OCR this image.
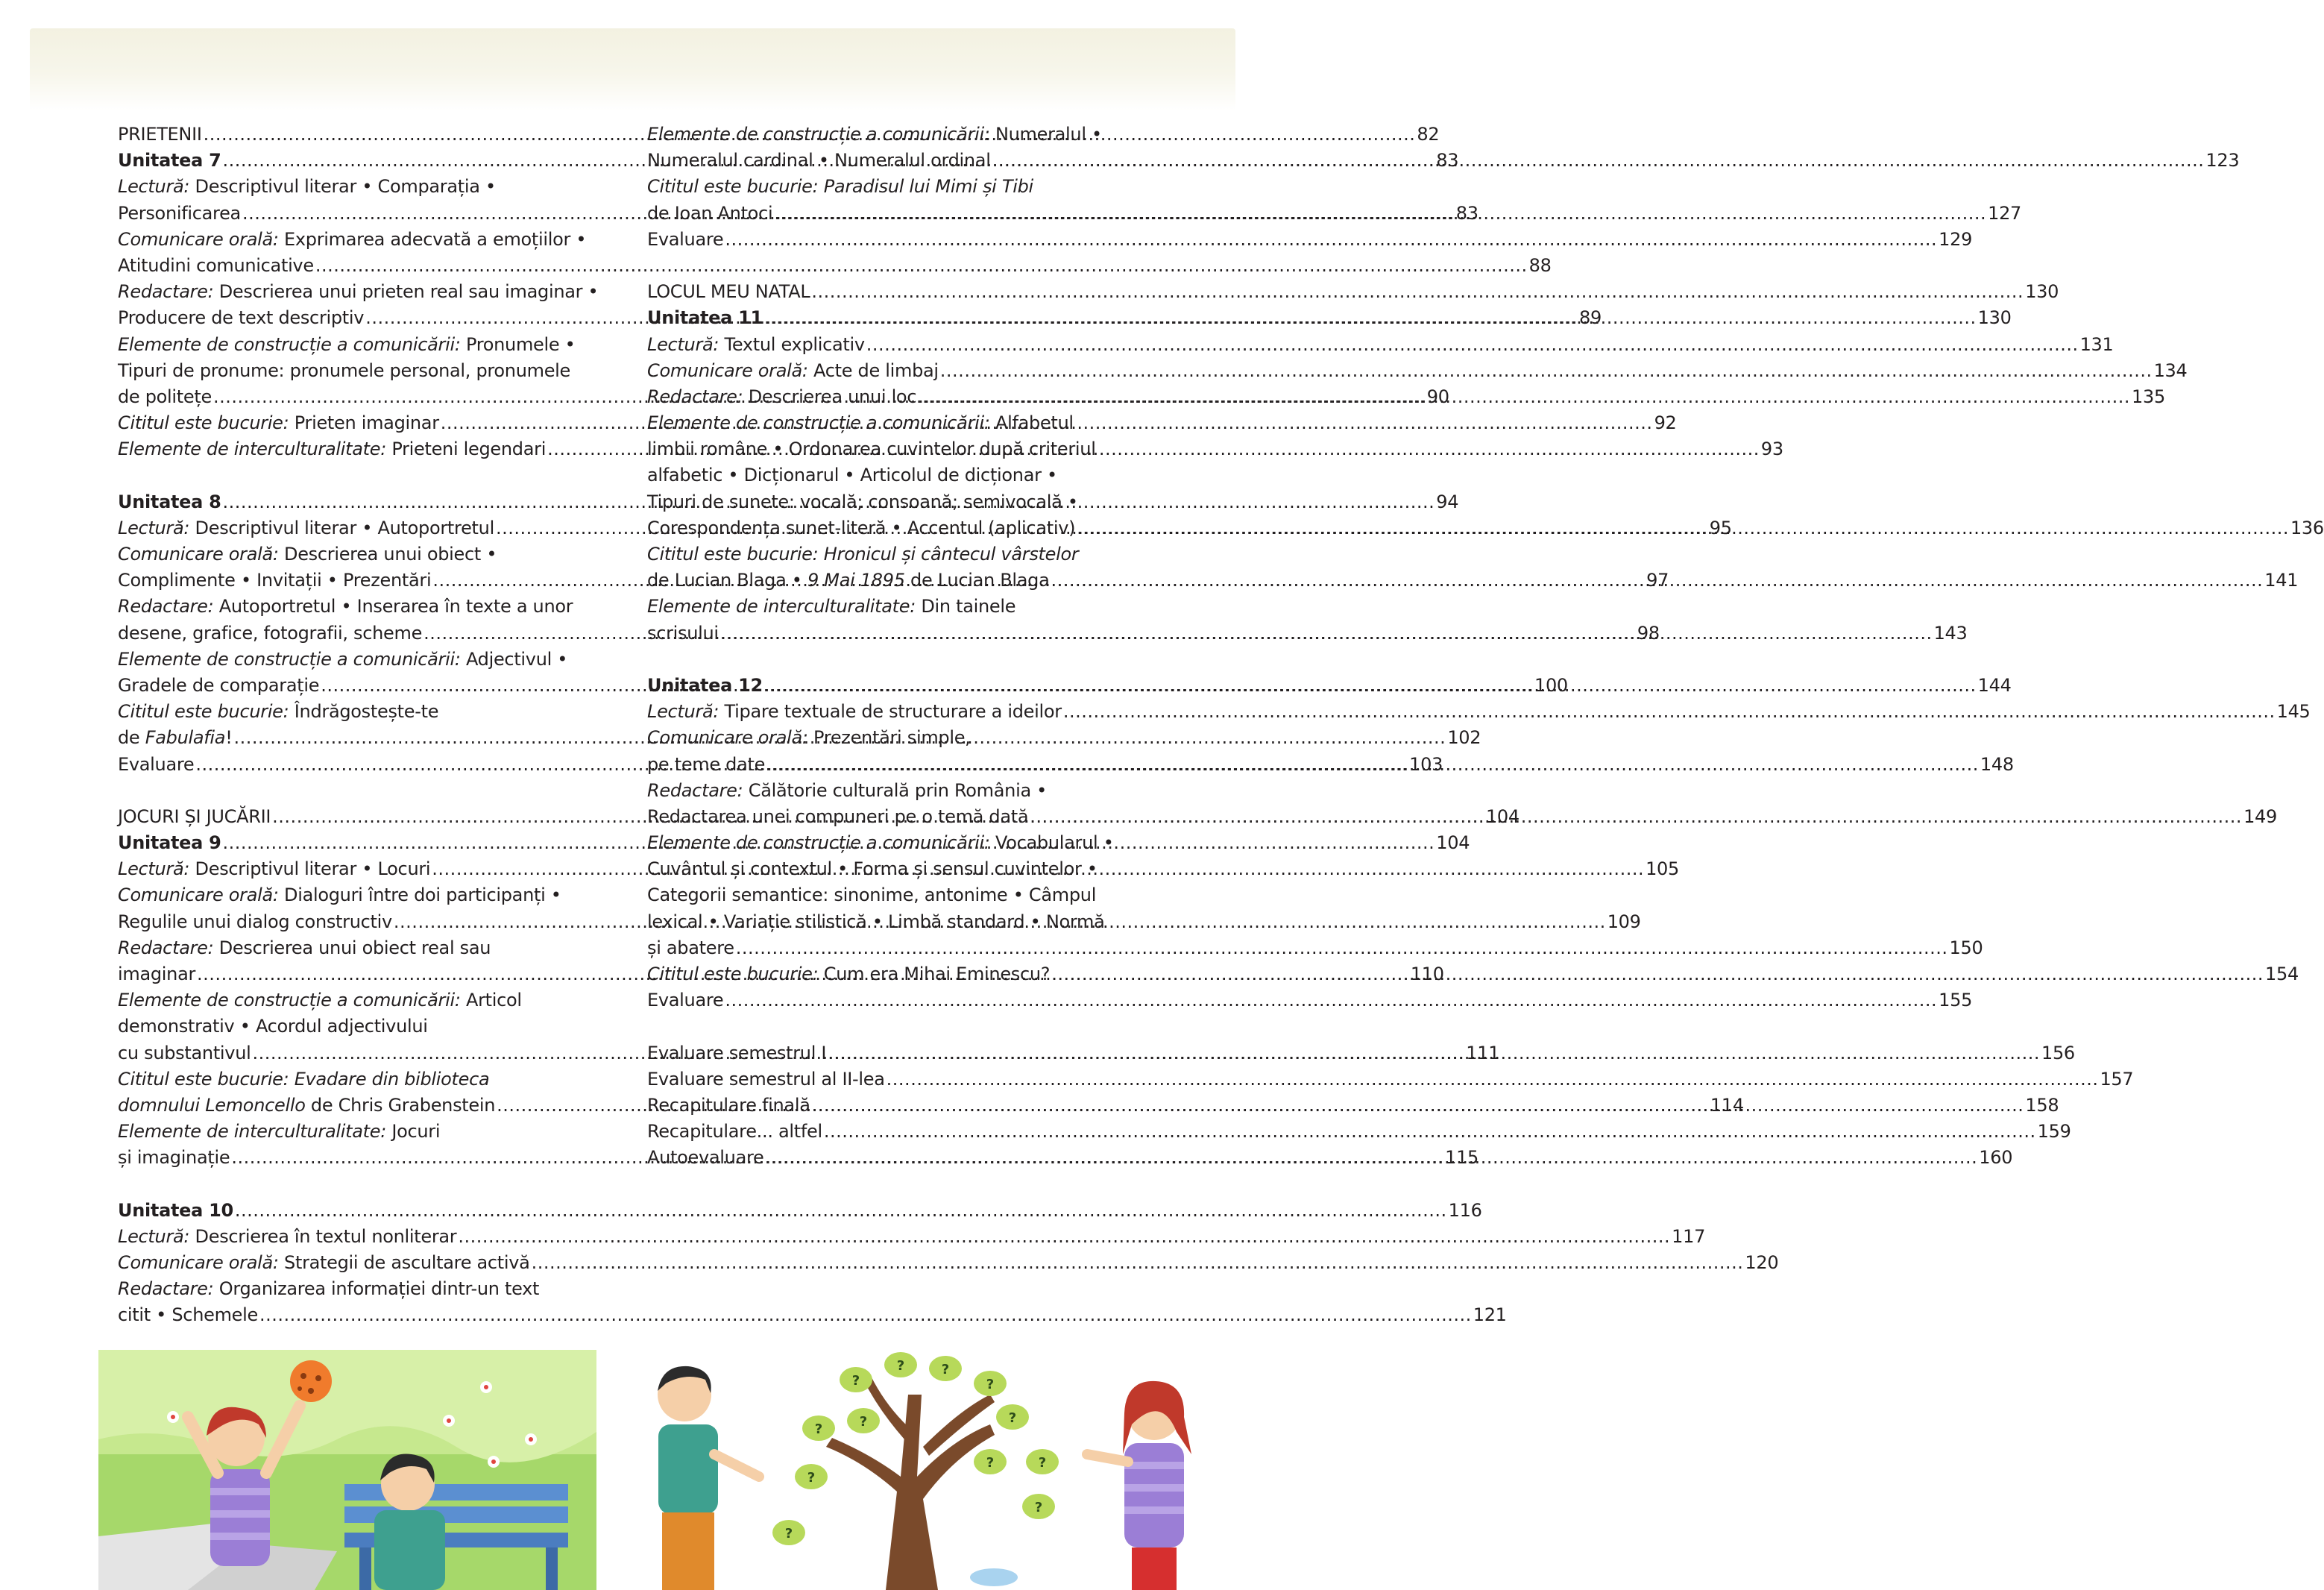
PRIETENII .....	82
Unitatea 7 .....	83
Lectură: Descriptivul literar • Comparația •
Personificarea .....	83
Comunicare orală: Exprimarea adecvată a emoțiilor •
Atitudini comunicative .....	88
Redactare: Descrierea unui prieten real sau imaginar •
Producere de text descriptiv .....	89
Elemente de construcție a comunicării: Pronumele •
Tipuri de pronume: pronumele personal, pronumele
de politețe .....	90
Cititul este bucurie: Prieten imaginar .....	92
Elemente de interculturalitate: Prieteni legendari .....	93
Unitatea 8 .....	94
Lectură: Descriptivul literar • Autoportretul .....	95
Comunicare orală: Descrierea unui obiect •
Complimente • Invitații • Prezentări .....	97
Redactare: Autoportretul • Inserarea în texte a unor
desene, grafice, fotografii, scheme .....	98
Elemente de construcție a comunicării: Adjectivul •
Gradele de comparație .....	100
Cititul este bucurie: Îndrăgostește-te
de Fabulafia! .....	102
Evaluare .....	103
JOCURI ȘI JUCĂRII .....	104
Unitatea 9 .....	104
Lectură: Descriptivul literar • Locuri .....	105
Comunicare orală: Dialoguri între doi participanți •
Regulile unui dialog constructiv .....	109
Redactare: Descrierea unui obiect real sau
imaginar .....	110
Elemente de construcție a comunicării: Articol
demonstrativ • Acordul adjectivului
cu substantivul .....	111
Cititul este bucurie: Evadare din biblioteca
domnului Lemoncello de Chris Grabenstein .....	114
Elemente de interculturalitate: Jocuri
și imaginație .....	115
Unitatea 10 .....	116
Lectură: Descrierea în textul nonliterar .....	117
Comunicare orală: Strategii de ascultare activă .....	120
Redactare: Organizarea informației dintr-un text
citit • Schemele .....	121
Elemente de construcție a comunicării: Numeralul •
Numeralul cardinal • Numeralul ordinal .....	123
Cititul este bucurie: Paradisul lui Mimi și Tibi
de Ioan Antoci .....	127
Evaluare .....	129
LOCUL MEU NATAL .....	130
Unitatea 11 .....	130
Lectură: Textul explicativ .....	131
Comunicare orală: Acte de limbaj .....	134
Redactare: Descrierea unui loc .....	135
Elemente de construcție a comunicării: Alfabetul
limbii române • Ordonarea cuvintelor după criteriul
alfabetic • Dicționarul • Articolul de dicționar •
Tipuri de sunete: vocală; consoană; semivocală •
Corespondența sunet-literă • Accentul (aplicativ) .....	136
Cititul este bucurie: Hronicul și cântecul vârstelor
de Lucian Blaga • 9 Mai 1895 de Lucian Blaga .....	141
Elemente de interculturalitate: Din tainele
scrisului .....	143
Unitatea 12 .....	144
Lectură: Tipare textuale de structurare a ideilor .....	145
Comunicare orală: Prezentări simple,
pe teme date .....	148
Redactare: Călătorie culturală prin România •
Redactarea unei compuneri pe o temă dată .....	149
Elemente de construcție a comunicării: Vocabularul •
Cuvântul și contextul • Forma și sensul cuvintelor •
Categorii semantice: sinonime, antonime • Câmpul
lexical • Variație stilistică • Limbă standard • Normă
și abatere .....	150
Cititul este bucurie: Cum era Mihai Eminescu? .....	154
Evaluare .....	155
Evaluare semestrul I .....	156
Evaluare semestrul al II-lea .....	157
Recapitulare finală .....	158
Recapitulare... altfel .....	159
Autoevaluare .....	160
?
?
?	?
?
?
?
?
?	?
?
?
